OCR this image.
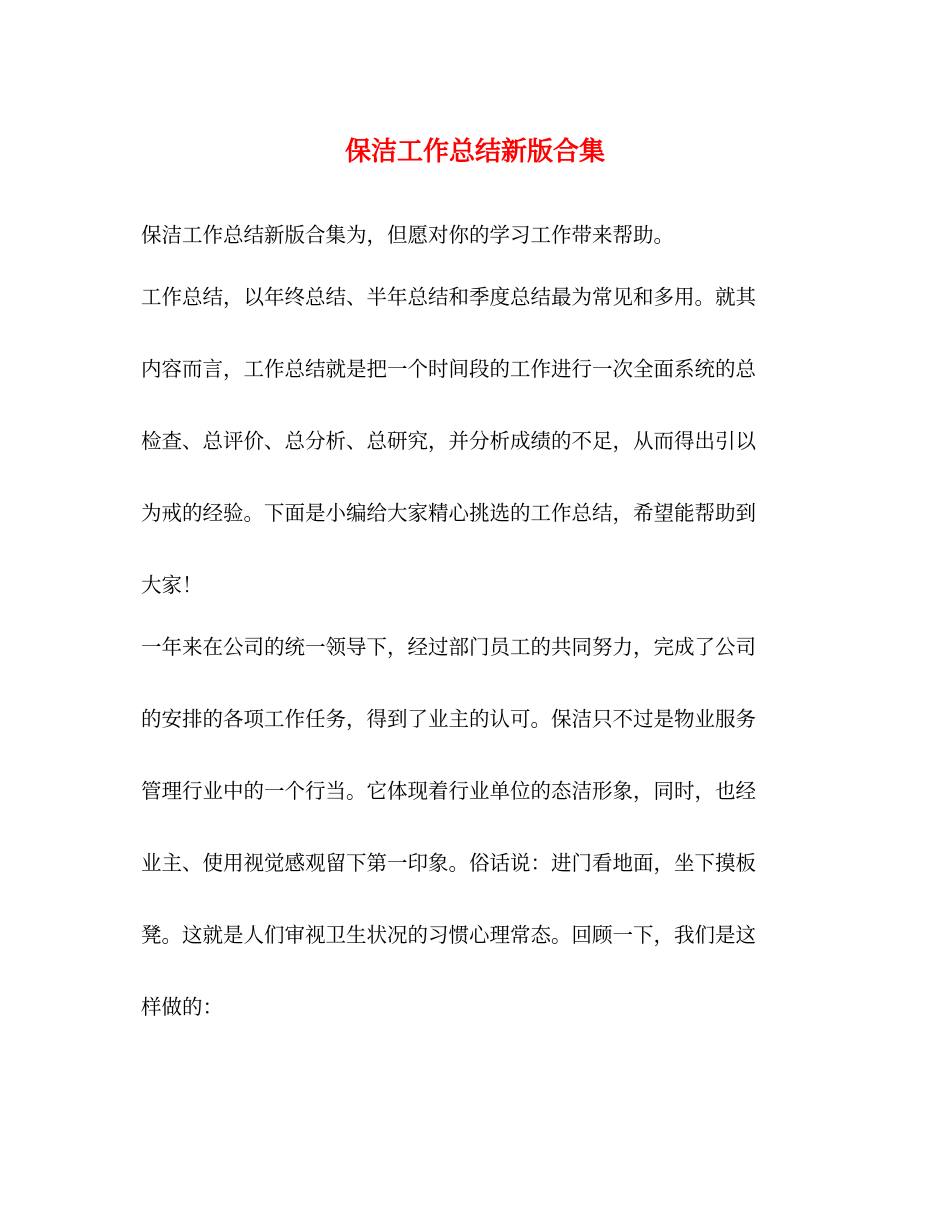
保洁工作总结新版合集

保洁工作总结新版合集为，但愿对你的学习工作带来帮助。

工作总结，以年终总结、半年总结和季度总结最为常见和多用。就其

内容而言，工作总结就是把一个时间段的工作进行一次全面系统的总

检查、总评价、总分析、总研究，并分析成绩的不足，从而得出引以

为戒的经验。下面是小编给大家精心挑选的工作总结，希望能帮助到

大家！

一年来在公司的统一领导下，经过部门员工的共同努力，完成了公司

的安排的各项工作任务，得到了业主的认可。保洁只不过是物业服务

管理行业中的一个行当。它体现着行业单位的态洁形象，同时，也经

业主、使用视觉感观留下第一印象。俗话说：进门看地面，坐下摸板

凳。这就是人们审视卫生状况的习惯心理常态。回顾一下，我们是这

样做的：
